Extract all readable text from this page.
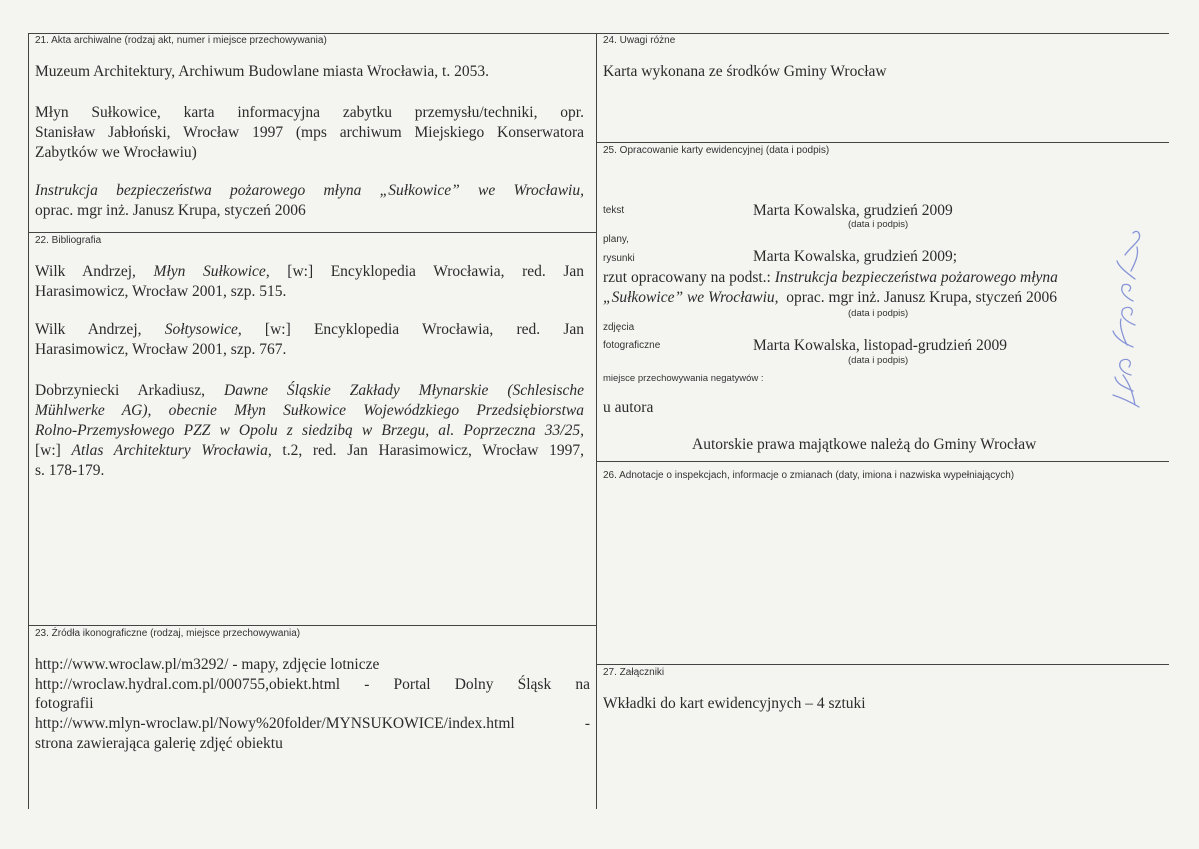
21. Akta archiwalne (rodzaj akt, numer i miejsce przechowywania)
Muzeum Architektury, Archiwum Budowlane miasta Wrocławia, t. 2053.
Młyn Sułkowice, karta informacyjna zabytku przemysłu/techniki, opr.
Stanisław Jabłoński, Wrocław 1997 (mps archiwum Miejskiego Konserwatora
Zabytków we Wrocławiu)
Instrukcja bezpieczeństwa pożarowego młyna „Sułkowice” we Wrocławiu,
oprac. mgr inż. Janusz Krupa, styczeń 2006
22. Bibliografia
Wilk Andrzej, Młyn Sułkowice, [w:] Encyklopedia Wrocławia, red. Jan
Harasimowicz, Wrocław 2001, szp. 515.
Wilk Andrzej, Sołtysowice, [w:] Encyklopedia Wrocławia, red. Jan
Harasimowicz, Wrocław 2001, szp. 767.
Dobrzyniecki Arkadiusz, Dawne Śląskie Zakłady Młynarskie (Schlesische
Mühlwerke AG), obecnie Młyn Sułkowice Wojewódzkiego Przedsiębiorstwa
Rolno-Przemysłowego PZZ w Opolu z siedzibą w Brzegu, al. Poprzeczna 33/25,
[w:] Atlas Architektury Wrocławia, t.2, red. Jan Harasimowicz, Wrocław 1997,
s. 178-179.
23. Źródła ikonograficzne (rodzaj, miejsce przechowywania)
http://www.wroclaw.pl/m3292/ - mapy, zdjęcie lotnicze
http://wroclaw.hydral.com.pl/000755,obiekt.html - Portal Dolny Śląsk na
fotografii
http://www.mlyn-wroclaw.pl/Nowy%20folder/MYNSUKOWICE/index.html -
strona zawierająca galerię zdjęć obiektu
24. Uwagi różne
Karta wykonana ze środków Gminy Wrocław
25. Opracowanie karty ewidencyjnej (data i podpis)
tekst	Marta Kowalska, grudzień 2009
(data i podpis)
plany,
rysunki	Marta Kowalska, grudzień 2009;
rzut opracowany na podst.: Instrukcja bezpieczeństwa pożarowego młyna
„Sułkowice” we Wrocławiu, oprac. mgr inż. Janusz Krupa, styczeń 2006
(data i podpis)
zdjęcia
fotograficzne	Marta Kowalska, listopad-grudzień 2009
(data i podpis)
miejsce przechowywania negatywów :
u autora
Autorskie prawa majątkowe należą do Gminy Wrocław
26. Adnotacje o inspekcjach, informacje o zmianach (daty, imiona i nazwiska wypełniających)
27. Załączniki
Wkładki do kart ewidencyjnych – 4 sztuki
